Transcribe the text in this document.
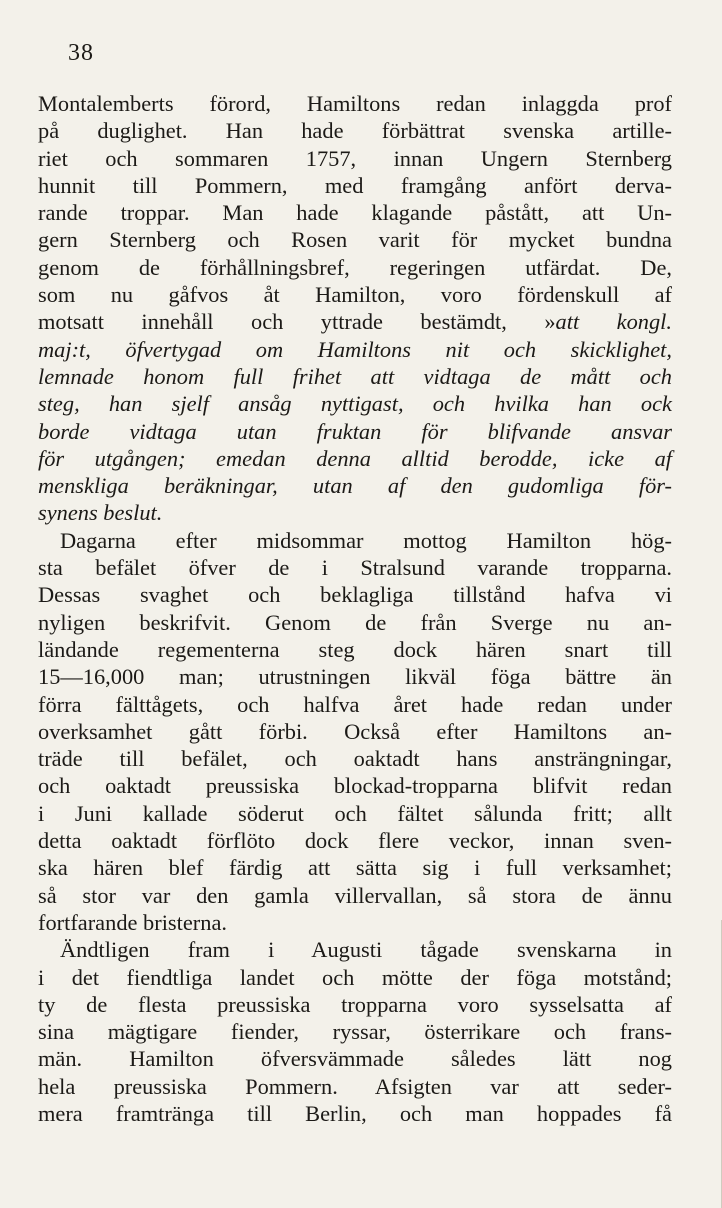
38
Montalemberts förord, Hamiltons redan inlaggda prof
på duglighet. Han hade förbättrat svenska artille-
riet och sommaren 1757, innan Ungern Sternberg
hunnit till Pommern, med framgång anfört derva-
rande troppar. Man hade klagande påstått, att Un-
gern Sternberg och Rosen varit för mycket bundna
genom de förhållningsbref, regeringen utfärdat. De,
som nu gåfvos åt Hamilton, voro fördenskull af
motsatt innehåll och yttrade bestämdt, »att kongl.
maj:t, öfvertygad om Hamiltons nit och skicklighet,
lemnade honom full frihet att vidtaga de mått och
steg, han sjelf ansåg nyttigast, och hvilka han ock
borde vidtaga utan fruktan för blifvande ansvar
för utgången; emedan denna alltid berodde, icke af
menskliga beräkningar, utan af den gudomliga för-
synens beslut.
Dagarna efter midsommar mottog Hamilton hög-
sta befälet öfver de i Stralsund varande tropparna.
Dessas svaghet och beklagliga tillstånd hafva vi
nyligen beskrifvit. Genom de från Sverge nu an-
ländande regementerna steg dock hären snart till
15—16,000 man; utrustningen likväl föga bättre än
förra fälttågets, och halfva året hade redan under
overksamhet gått förbi. Också efter Hamiltons an-
träde till befälet, och oaktadt hans ansträngningar,
och oaktadt preussiska blockad-tropparna blifvit redan
i Juni kallade söderut och fältet sålunda fritt; allt
detta oaktadt förflöto dock flere veckor, innan sven-
ska hären blef färdig att sätta sig i full verksamhet;
så stor var den gamla villervallan, så stora de ännu
fortfarande bristerna.
Ändtligen fram i Augusti tågade svenskarna in
i det fiendtliga landet och mötte der föga motstånd;
ty de flesta preussiska tropparna voro sysselsatta af
sina mägtigare fiender, ryssar, österrikare och frans-
män. Hamilton öfversvämmade således lätt nog
hela preussiska Pommern. Afsigten var att seder-
mera framtränga till Berlin, och man hoppades få
